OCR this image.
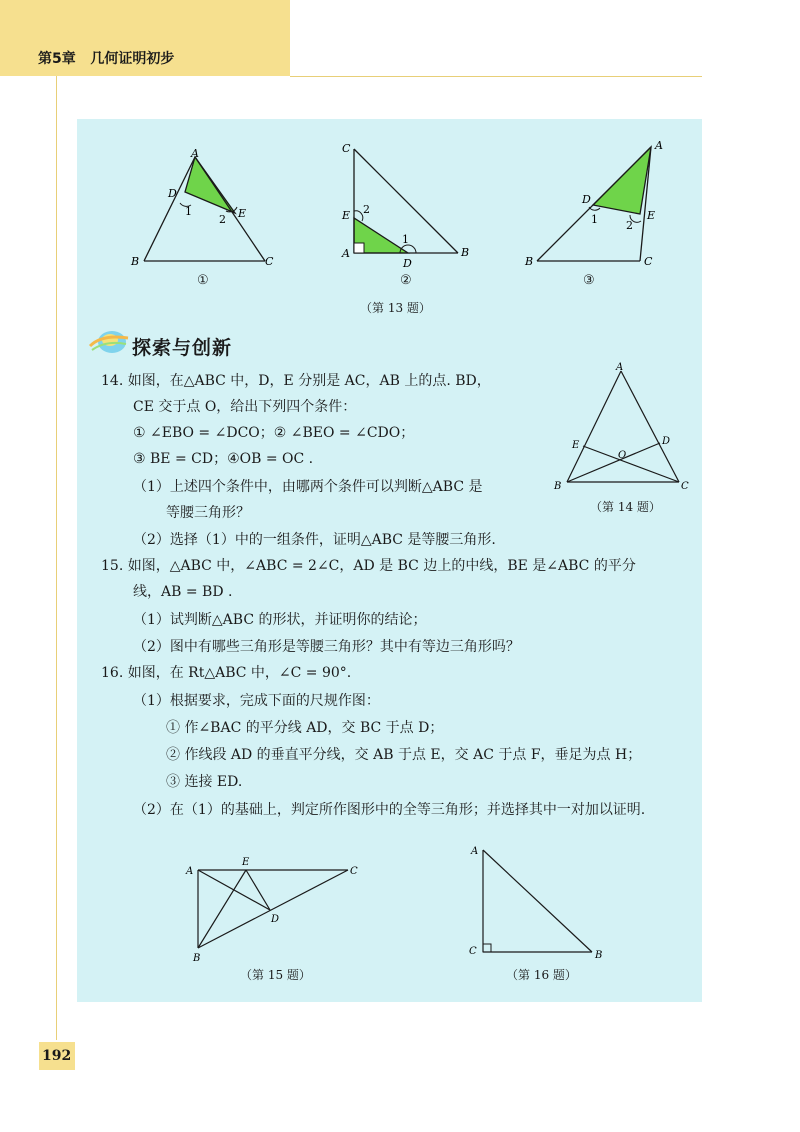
第5章 几何证明初步
A
D
E
B	C
1
2
C
E
A
D
B
2
1
A
D
E
B	C
1	2
①	②	③
（第 13 题）
探索与创新
14. 如图，在△ABC 中，D，E 分别是 AC，AB 上的点. BD，
CE 交于点 O，给出下列四个条件：
① ∠EBO = ∠DCO；② ∠BEO = ∠CDO；
③ BE = CD；④OB = OC .
（1）上述四个条件中，由哪两个条件可以判断△ABC 是
等腰三角形？
（2）选择（1）中的一组条件，证明△ABC 是等腰三角形.
A
E	D
O
B	C
（第 14 题）
15. 如图，△ABC 中，∠ABC = 2∠C，AD 是 BC 边上的中线，BE 是∠ABC 的平分
线，AB = BD .
（1）试判断△ABC 的形状，并证明你的结论；
（2）图中有哪些三角形是等腰三角形？其中有等边三角形吗？
16. 如图，在 Rt△ABC 中，∠C = 90°.
（1）根据要求，完成下面的尺规作图：
① 作∠BAC 的平分线 AD，交 BC 于点 D；
② 作线段 AD 的垂直平分线，交 AB 于点 E，交 AC 于点 F，垂足为点 H；
③ 连接 ED.
（2）在（1）的基础上，判定所作图形中的全等三角形；并选择其中一对加以证明.
A
E
C
D
B
（第 15 题）
A
C	B
（第 16 题）
192
